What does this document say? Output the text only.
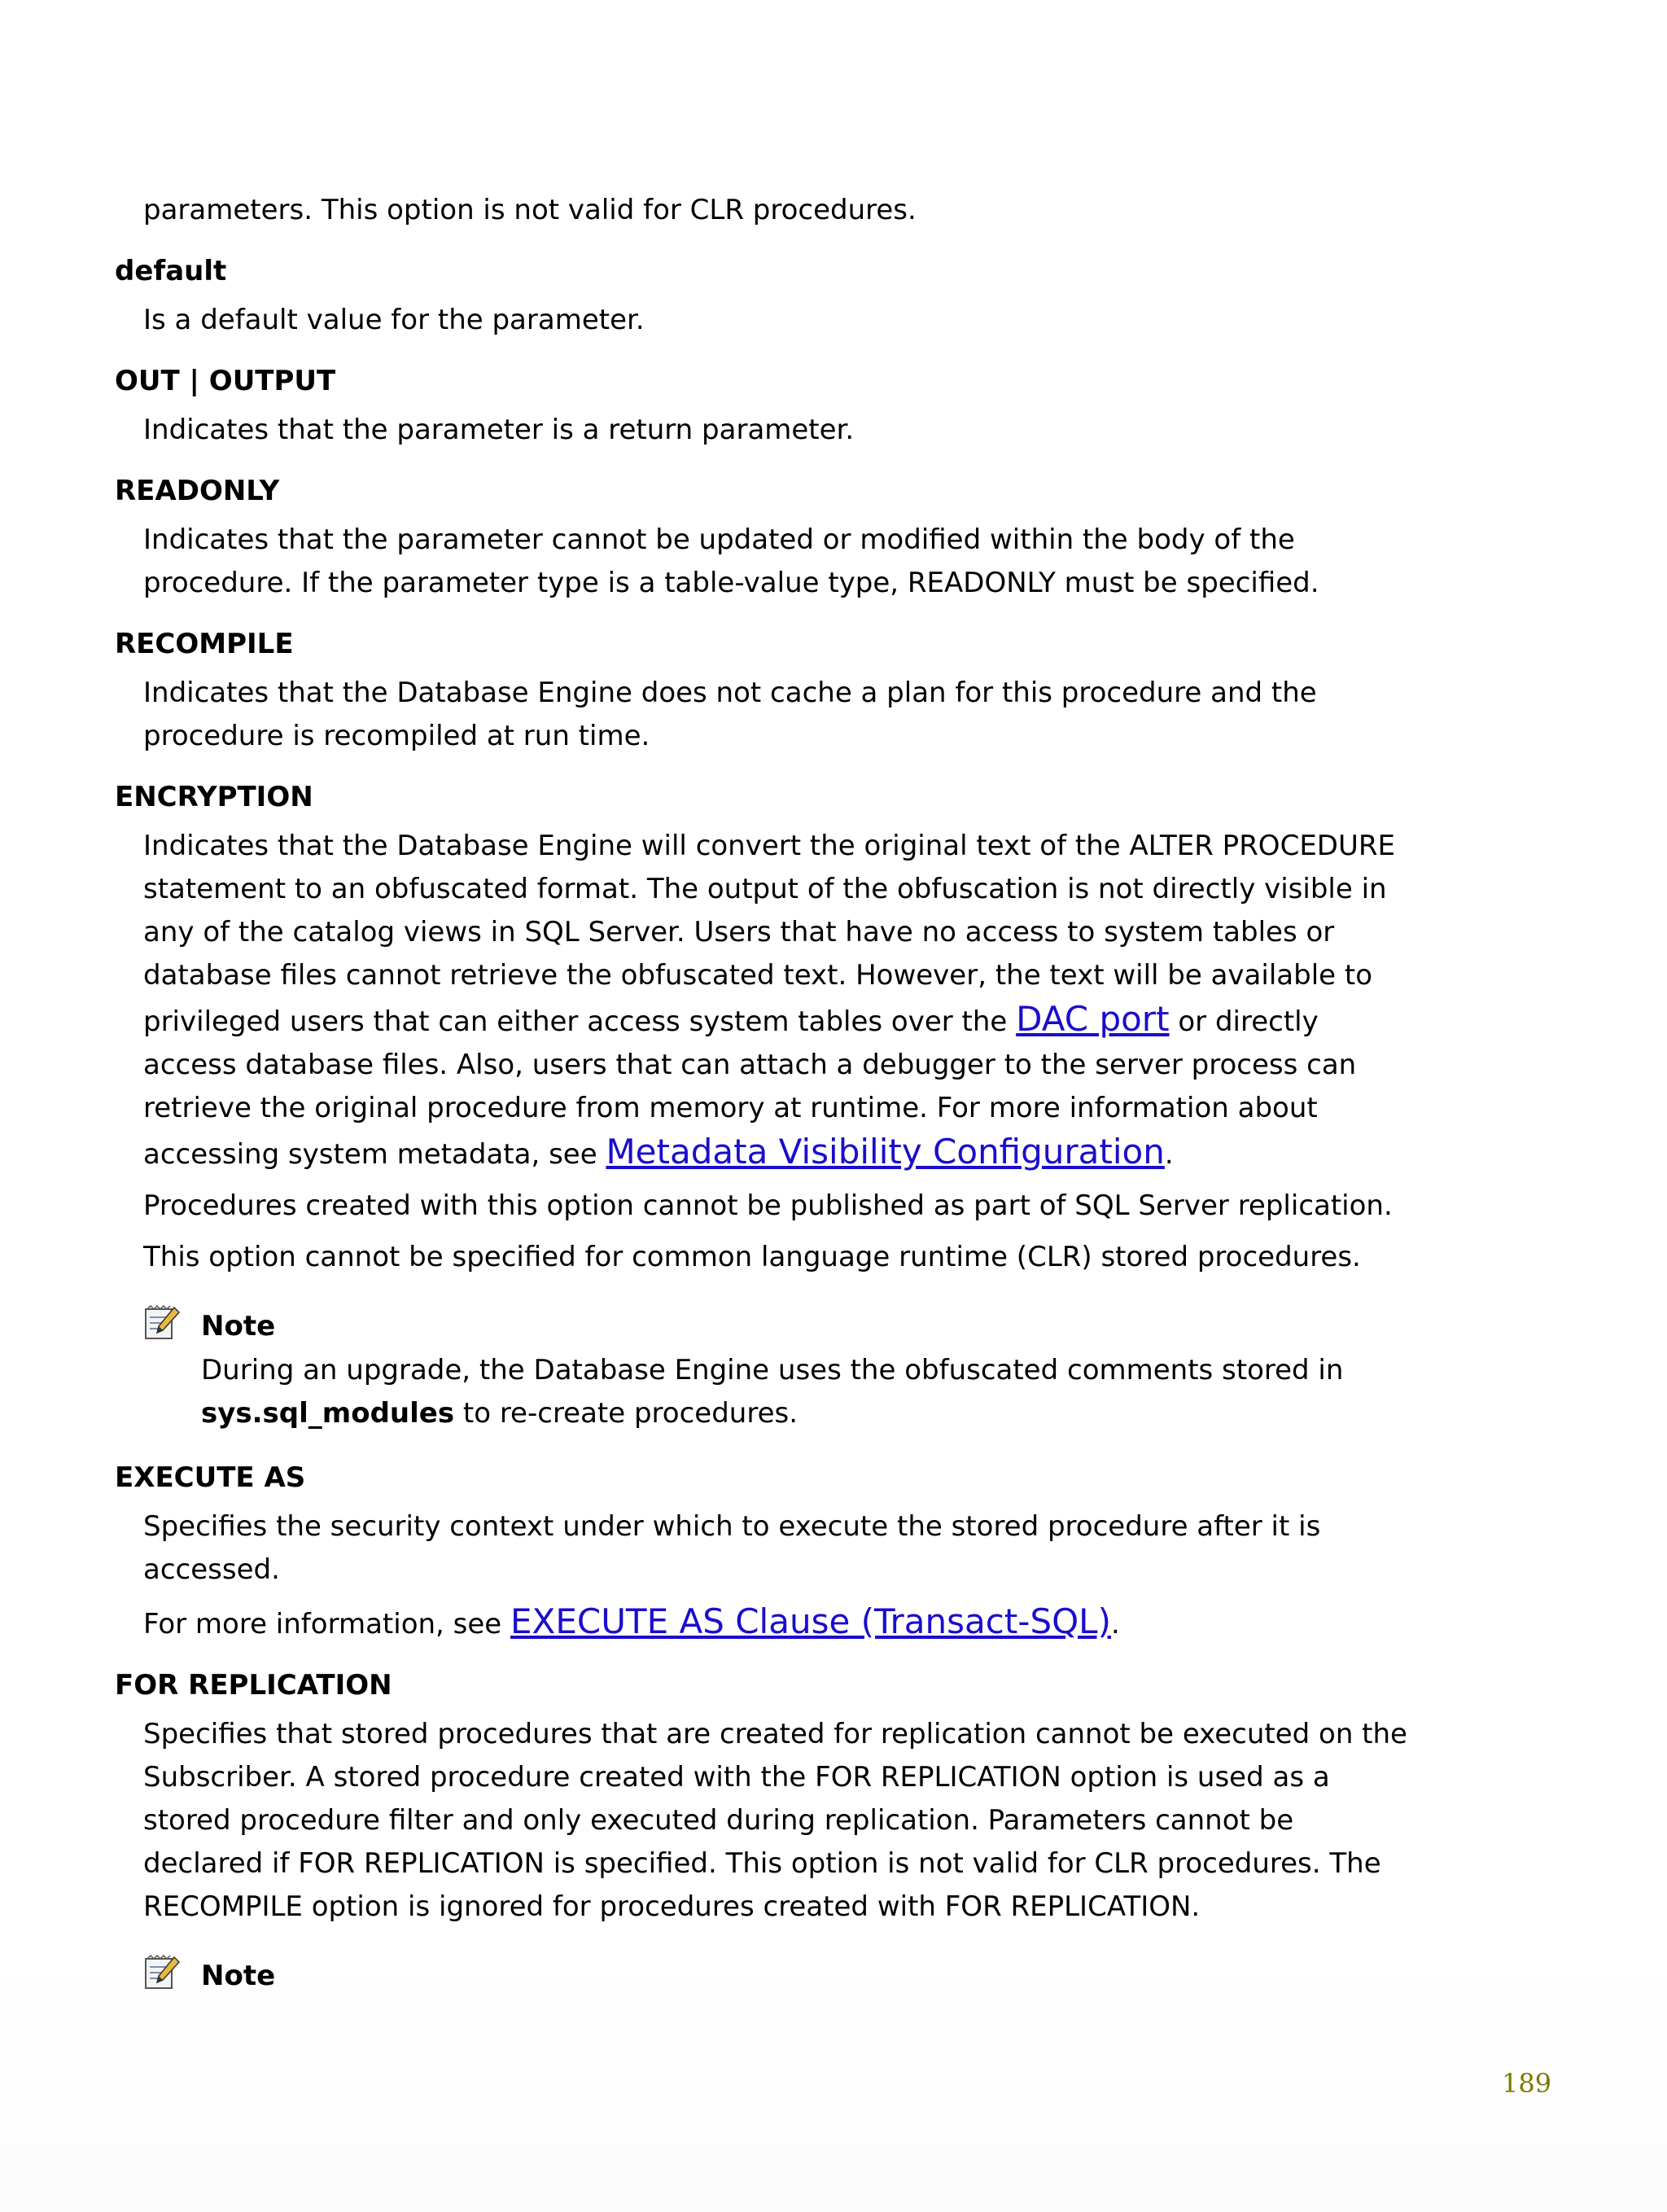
parameters. This option is not valid for CLR procedures.
default
Is a default value for the parameter.
OUT | OUTPUT
Indicates that the parameter is a return parameter.
READONLY
Indicates that the parameter cannot be updated or modified within the body of the procedure. If the parameter type is a table-value type, READONLY must be specified.
RECOMPILE
Indicates that the Database Engine does not cache a plan for this procedure and the procedure is recompiled at run time.
ENCRYPTION

Indicates that the Database Engine will convert the original text of the ALTER PROCEDURE statement to an obfuscated format. The output of the obfuscation is not directly visible in any of the catalog views in SQL Server. Users that have no access to system tables or database files cannot retrieve the obfuscated text. However, the text will be available to privileged users that can either access system tables over the DAC port or directly access database files. Also, users that can attach a debugger to the server process can retrieve the original procedure from memory at runtime. For more information about accessing system metadata, see Metadata Visibility Configuration.

Procedures created with this option cannot be published as part of SQL Server replication.

This option cannot be specified for common language runtime (CLR) stored procedures.

Note
During an upgrade, the Database Engine uses the obfuscated comments stored in sys.sql_modules to re-create procedures.
EXECUTE AS

Specifies the security context under which to execute the stored procedure after it is accessed.

For more information, see EXECUTE AS Clause (Transact-SQL).

FOR REPLICATION
Specifies that stored procedures that are created for replication cannot be executed on the Subscriber. A stored procedure created with the FOR REPLICATION option is used as a stored procedure filter and only executed during replication. Parameters cannot be declared if FOR REPLICATION is specified. This option is not valid for CLR procedures. The RECOMPILE option is ignored for procedures created with FOR REPLICATION.
Note
189
